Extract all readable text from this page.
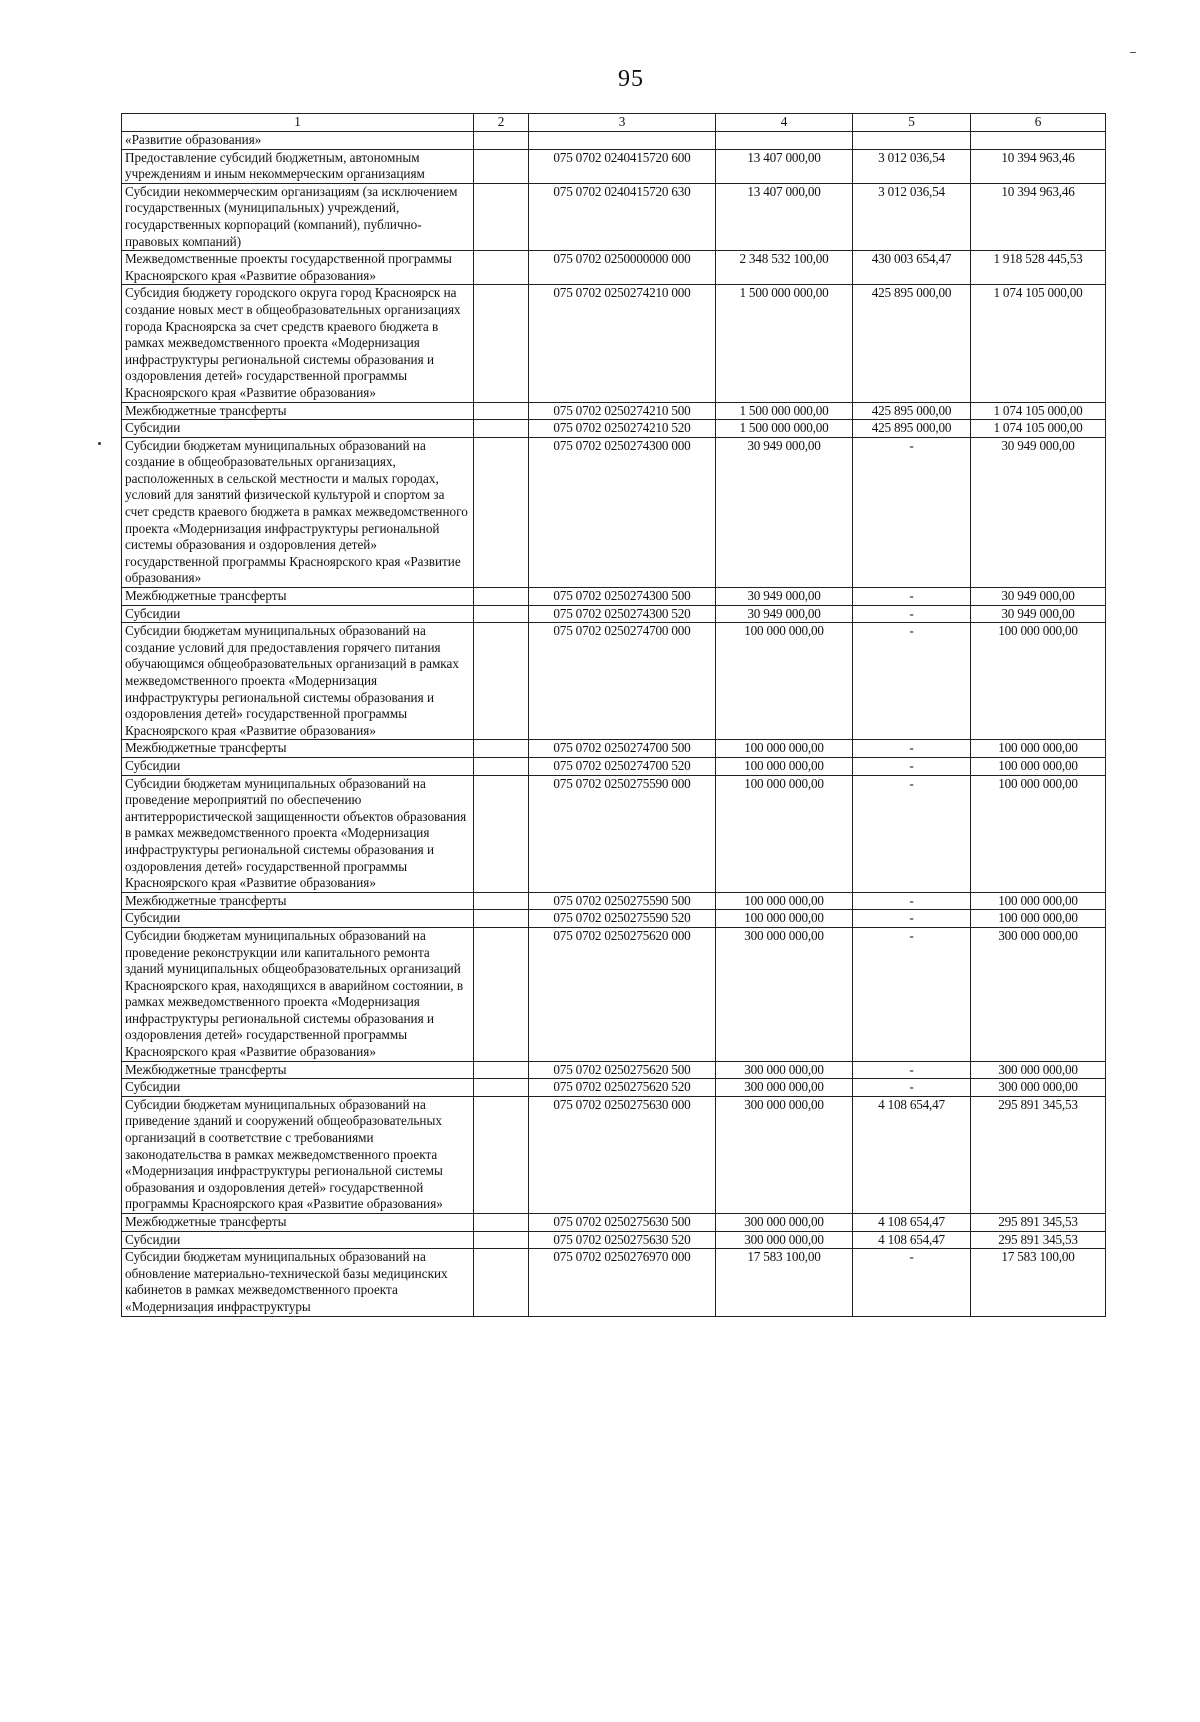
95
1	2	3	4	5	6
«Развитие образования»					
Предоставление субсидий бюджетным, автономным учреждениям и иным некоммерческим организациям		075 0702 0240415720 600	13 407 000,00	3 012 036,54	10 394 963,46
Субсидии некоммерческим организациям (за исключением государственных (муниципальных) учреждений, государственных корпораций (компаний), публично-правовых компаний)		075 0702 0240415720 630	13 407 000,00	3 012 036,54	10 394 963,46
Межведомственные проекты государственной программы Красноярского края «Развитие образования»		075 0702 0250000000 000	2 348 532 100,00	430 003 654,47	1 918 528 445,53
Субсидия бюджету городского округа город Красноярск на создание новых мест в общеобразовательных организациях города Красноярска за счет средств краевого бюджета в рамках межведомственного проекта «Модернизация инфраструктуры региональной системы образования и оздоровления детей» государственной программы Красноярского края «Развитие образования»		075 0702 0250274210 000	1 500 000 000,00	425 895 000,00	1 074 105 000,00
Межбюджетные трансферты		075 0702 0250274210 500	1 500 000 000,00	425 895 000,00	1 074 105 000,00
Субсидии		075 0702 0250274210 520	1 500 000 000,00	425 895 000,00	1 074 105 000,00
Субсидии бюджетам муниципальных образований на создание в общеобразовательных организациях, расположенных в сельской местности и малых городах, условий для занятий физической культурой и спортом за счет средств краевого бюджета в рамках межведомственного проекта «Модернизация инфраструктуры региональной системы образования и оздоровления детей» государственной программы Красноярского края «Развитие образования»		075 0702 0250274300 000	30 949 000,00	-	30 949 000,00
Межбюджетные трансферты		075 0702 0250274300 500	30 949 000,00	-	30 949 000,00
Субсидии		075 0702 0250274300 520	30 949 000,00	-	30 949 000,00
Субсидии бюджетам муниципальных образований на создание условий для предоставления горячего питания обучающимся общеобразовательных организаций в рамках межведомственного проекта «Модернизация инфраструктуры региональной системы образования и оздоровления детей» государственной программы Красноярского края «Развитие образования»		075 0702 0250274700 000	100 000 000,00	-	100 000 000,00
Межбюджетные трансферты		075 0702 0250274700 500	100 000 000,00	-	100 000 000,00
Субсидии		075 0702 0250274700 520	100 000 000,00	-	100 000 000,00
Субсидии бюджетам муниципальных образований на проведение мероприятий по обеспечению антитеррористической защищенности объектов образования в рамках межведомственного проекта «Модернизация инфраструктуры региональной системы образования и оздоровления детей» государственной программы Красноярского края «Развитие образования»		075 0702 0250275590 000	100 000 000,00	-	100 000 000,00
Межбюджетные трансферты		075 0702 0250275590 500	100 000 000,00	-	100 000 000,00
Субсидии		075 0702 0250275590 520	100 000 000,00	-	100 000 000,00
Субсидии бюджетам муниципальных образований на проведение реконструкции или капитального ремонта зданий муниципальных общеобразовательных организаций Красноярского края, находящихся в аварийном состоянии, в рамках межведомственного проекта «Модернизация инфраструктуры региональной системы образования и оздоровления детей» государственной программы Красноярского края «Развитие образования»		075 0702 0250275620 000	300 000 000,00	-	300 000 000,00
Межбюджетные трансферты		075 0702 0250275620 500	300 000 000,00	-	300 000 000,00
Субсидии		075 0702 0250275620 520	300 000 000,00	-	300 000 000,00
Субсидии бюджетам муниципальных образований на приведение зданий и сооружений общеобразовательных организаций в соответствие с требованиями законодательства в рамках межведомственного проекта «Модернизация инфраструктуры региональной системы образования и оздоровления детей» государственной программы Красноярского края «Развитие образования»		075 0702 0250275630 000	300 000 000,00	4 108 654,47	295 891 345,53
Межбюджетные трансферты		075 0702 0250275630 500	300 000 000,00	4 108 654,47	295 891 345,53
Субсидии		075 0702 0250275630 520	300 000 000,00	4 108 654,47	295 891 345,53
Субсидии бюджетам муниципальных образований на обновление материально-технической базы медицинских кабинетов в рамках межведомственного проекта «Модернизация инфраструктуры		075 0702 0250276970 000	17 583 100,00	-	17 583 100,00
